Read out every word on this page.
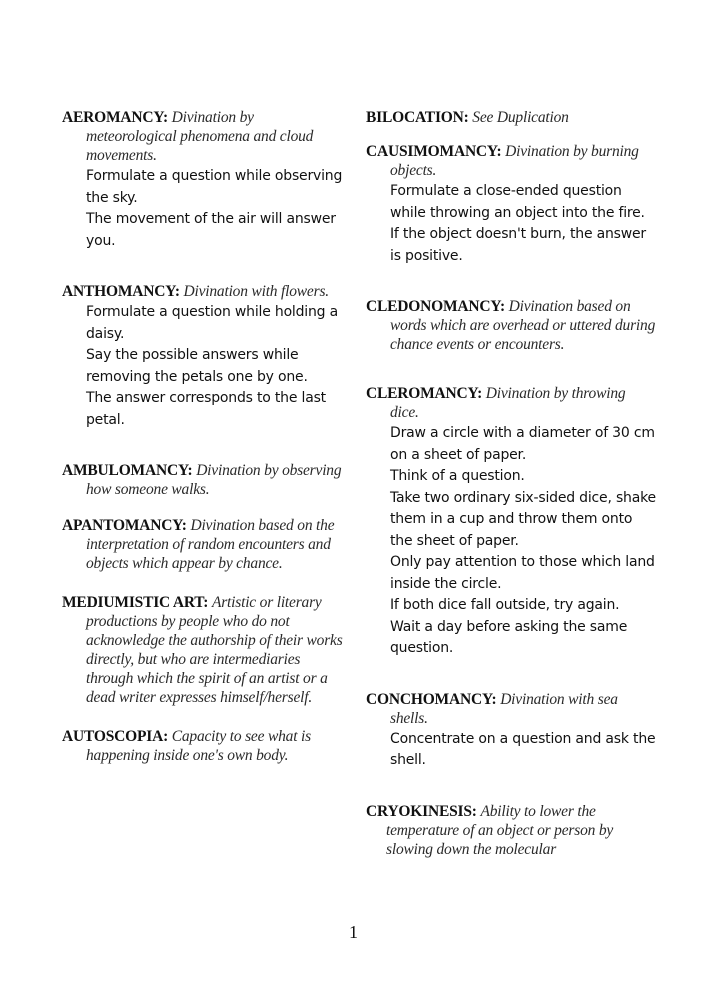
AEROMANCY: Divination by meteorological phenomena and cloud movements.
Formulate a question while observing the sky.
The movement of the air will answer you.
ANTHOMANCY: Divination with flowers.
Formulate a question while holding a daisy.
Say the possible answers while removing the petals one by one.
The answer corresponds to the last petal.
AMBULOMANCY: Divination by observing how someone walks.
APANTOMANCY: Divination based on the interpretation of random encounters and objects which appear by chance.
MEDIUMISTIC ART: Artistic or literary productions by people who do not acknowledge the authorship of their works directly, but who are intermediaries through which the spirit of an artist or a dead writer expresses himself/herself.
AUTOSCOPIA: Capacity to see what is happening inside one's own body.
BILOCATION: See Duplication
CAUSIMOMANCY: Divination by burning objects.
Formulate a close-ended question while throwing an object into the fire. If the object doesn't burn, the answer is positive.
CLEDONOMANCY: Divination based on words which are overhead or uttered during chance events or encounters.
CLEROMANCY: Divination by throwing dice.
Draw a circle with a diameter of 30 cm on a sheet of paper.
Think of a question.
Take two ordinary six-sided dice, shake them in a cup and throw them onto the sheet of paper.
Only pay attention to those which land inside the circle.
If both dice fall outside, try again.
Wait a day before asking the same question.
CONCHOMANCY: Divination with sea shells.
Concentrate on a question and ask the shell.
CRYOKINESIS: Ability to lower the temperature of an object or person by slowing down the molecular
1
